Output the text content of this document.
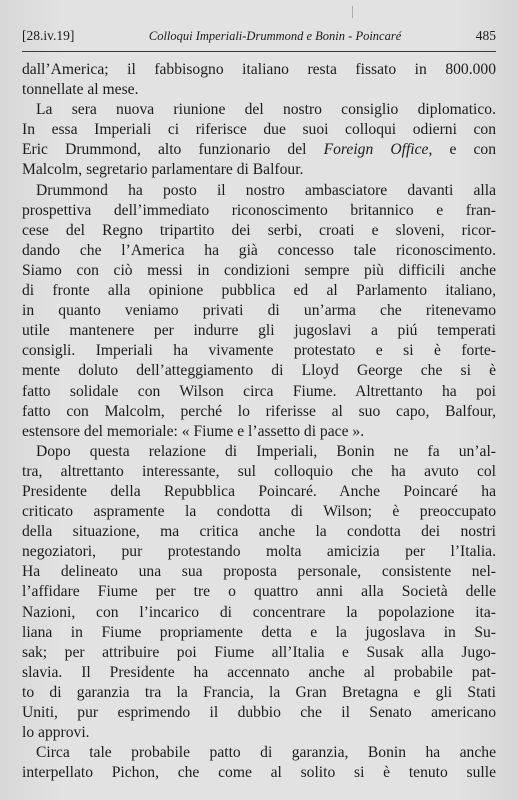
[28.iv.19]	Colloqui Imperiali-Drummond e Bonin - Poincaré	485
dall’America; il fabbisogno italiano resta fissato in 800.000
tonnellate al mese.
La sera nuova riunione del nostro consiglio diplomatico.
In essa Imperiali ci riferisce due suoi colloqui odierni con
Eric Drummond, alto funzionario del Foreign Office, e con
Malcolm, segretario parlamentare di Balfour.
Drummond ha posto il nostro ambasciatore davanti alla
prospettiva dell’immediato riconoscimento britannico e fran-
cese del Regno tripartito dei serbi, croati e sloveni, ricor-
dando che l’America ha già concesso tale riconoscimento.
Siamo con ciò messi in condizioni sempre più difficili anche
di fronte alla opinione pubblica ed al Parlamento italiano,
in quanto veniamo privati di un’arma che ritenevamo
utile mantenere per indurre gli jugoslavi a piú temperati
consigli. Imperiali ha vivamente protestato e si è forte-
mente doluto dell’atteggiamento di Lloyd George che si è
fatto solidale con Wilson circa Fiume. Altrettanto ha poi
fatto con Malcolm, perché lo riferisse al suo capo, Balfour,
estensore del memoriale: « Fiume e l’assetto di pace ».
Dopo questa relazione di Imperiali, Bonin ne fa un’al-
tra, altrettanto interessante, sul colloquio che ha avuto col
Presidente della Repubblica Poincaré. Anche Poincaré ha
criticato aspramente la condotta di Wilson; è preoccupato
della situazione, ma critica anche la condotta dei nostri
negoziatori, pur protestando molta amicizia per l’Italia.
Ha delineato una sua proposta personale, consistente nel-
l’affidare Fiume per tre o quattro anni alla Società delle
Nazioni, con l’incarico di concentrare la popolazione ita-
liana in Fiume propriamente detta e la jugoslava in Su-
sak; per attribuire poi Fiume all’Italia e Susak alla Jugo-
slavia. Il Presidente ha accennato anche al probabile pat-
to di garanzia tra la Francia, la Gran Bretagna e gli Stati
Uniti, pur esprimendo il dubbio che il Senato americano
lo approvi.
Circa tale probabile patto di garanzia, Bonin ha anche
interpellato Pichon, che come al solito si è tenuto sulle
